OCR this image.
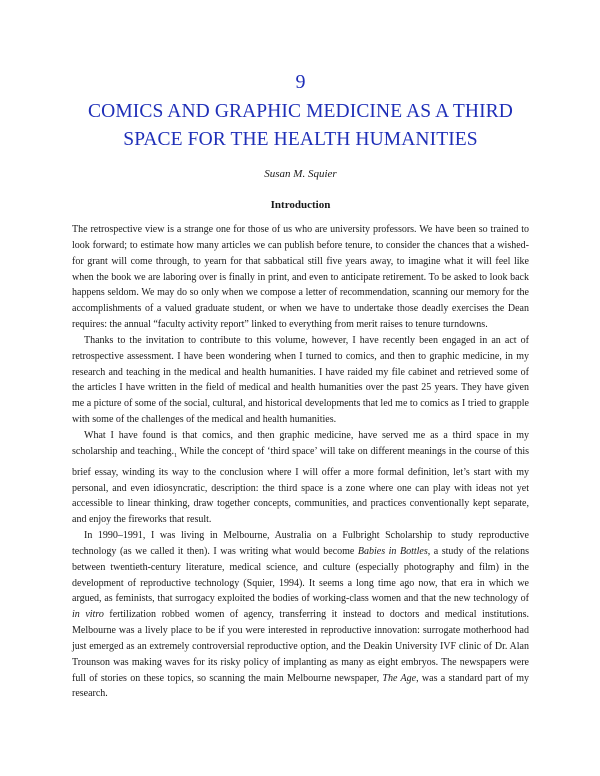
9
COMICS AND GRAPHIC MEDICINE AS A THIRD
SPACE FOR THE HEALTH HUMANITIES
Susan M. Squier
Introduction

The retrospective view is a strange one for those of us who are university professors. We have been so trained to look forward; to estimate how many articles we can publish before tenure, to consider the chances that a wished-for grant will come through, to yearn for that sabbatical still five years away, to imagine what it will feel like when the book we are laboring over is finally in print, and even to anticipate retirement. To be asked to look back happens seldom. We may do so only when we compose a letter of recommendation, scanning our memory for the accomplishments of a valued graduate student, or when we have to undertake those deadly exercises the Dean requires: the annual “faculty activity report” linked to everything from merit raises to tenure turndowns.

Thanks to the invitation to contribute to this volume, however, I have recently been engaged in an act of retrospective assessment. I have been wondering when I turned to comics, and then to graphic medicine, in my research and teaching in the medical and health humanities. I have raided my file cabinet and retrieved some of the articles I have written in the field of medical and health humanities over the past 25 years. They have given me a picture of some of the social, cultural, and historical developments that led me to comics as I tried to grapple with some of the challenges of the medical and health humanities.

What I have found is that comics, and then graphic medicine, have served me as a third space in my scholarship and $teaching._1$ While the concept of ‘third space’ will take on different meanings in the course of this brief essay, winding its way to the conclusion where I will offer a more formal definition, let’s start with my personal, and even idiosyncratic, description: the third space is a zone where one can play with ideas not yet accessible to linear thinking, draw together concepts, communities, and practices conventionally kept separate, and enjoy the fireworks that result.

In 1990–1991, I was living in Melbourne, Australia on a Fulbright Scholarship to study reproductive technology (as we called it then). I was writing what would become Babies in Bottles, a study of the relations between twentieth-century literature, medical science, and culture (especially photography and film) in the development of reproductive technology (Squier, 1994). It seems a long time ago now, that era in which we argued, as feminists, that surrogacy exploited the bodies of working-class women and that the new technology of in vitro fertilization robbed women of agency, transferring it instead to doctors and medical institutions. Melbourne was a lively place to be if you were interested in reproductive innovation: surrogate motherhood had just emerged as an extremely controversial reproductive option, and the Deakin University IVF clinic of Dr. Alan Trounson was making waves for its risky policy of implanting as many as eight embryos. The newspapers were full of stories on these topics, so scanning the main Melbourne newspaper, The Age, was a standard part of my research.
